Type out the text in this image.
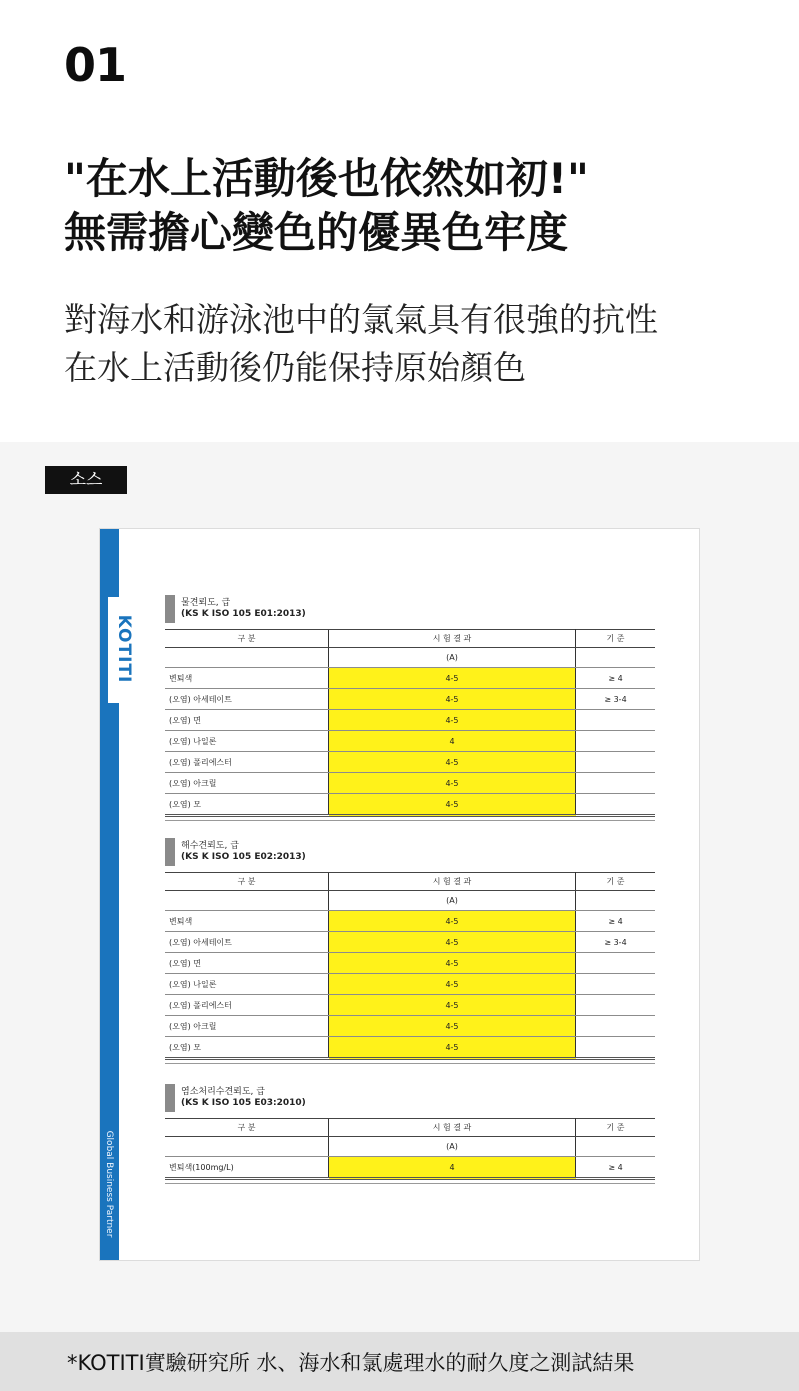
01
"在水上活動後也依然如初!"
無需擔心變色的優異色牢度
對海水和游泳池中的氯氣具有很強的抗性
在水上活動後仍能保持原始顏色
소스
KOTITI
Global Business Partner
물견뢰도, 급
(KS K ISO 105 E01:2013)
구 분	시 험 결 과	기 준
	(A)	
변퇴색	4-5	≥ 4
(오염) 아세테이트	4-5	≥ 3-4
(오염) 면	4-5	
(오염) 나일론	4	
(오염) 폴리에스터	4-5	
(오염) 아크릴	4-5	
(오염) 모	4-5	
해수견뢰도, 급
(KS K ISO 105 E02:2013)
구 분	시 험 결 과	기 준
	(A)	
변퇴색	4-5	≥ 4
(오염) 아세테이트	4-5	≥ 3-4
(오염) 면	4-5	
(오염) 나일론	4-5	
(오염) 폴리에스터	4-5	
(오염) 아크릴	4-5	
(오염) 모	4-5	
염소처리수견뢰도, 급
(KS K ISO 105 E03:2010)
구 분	시 험 결 과	기 준
	(A)	
변퇴색(100mg/L)	4	≥ 4
*KOTITI實驗研究所 水、海水和氯處理水的耐久度之測試結果
